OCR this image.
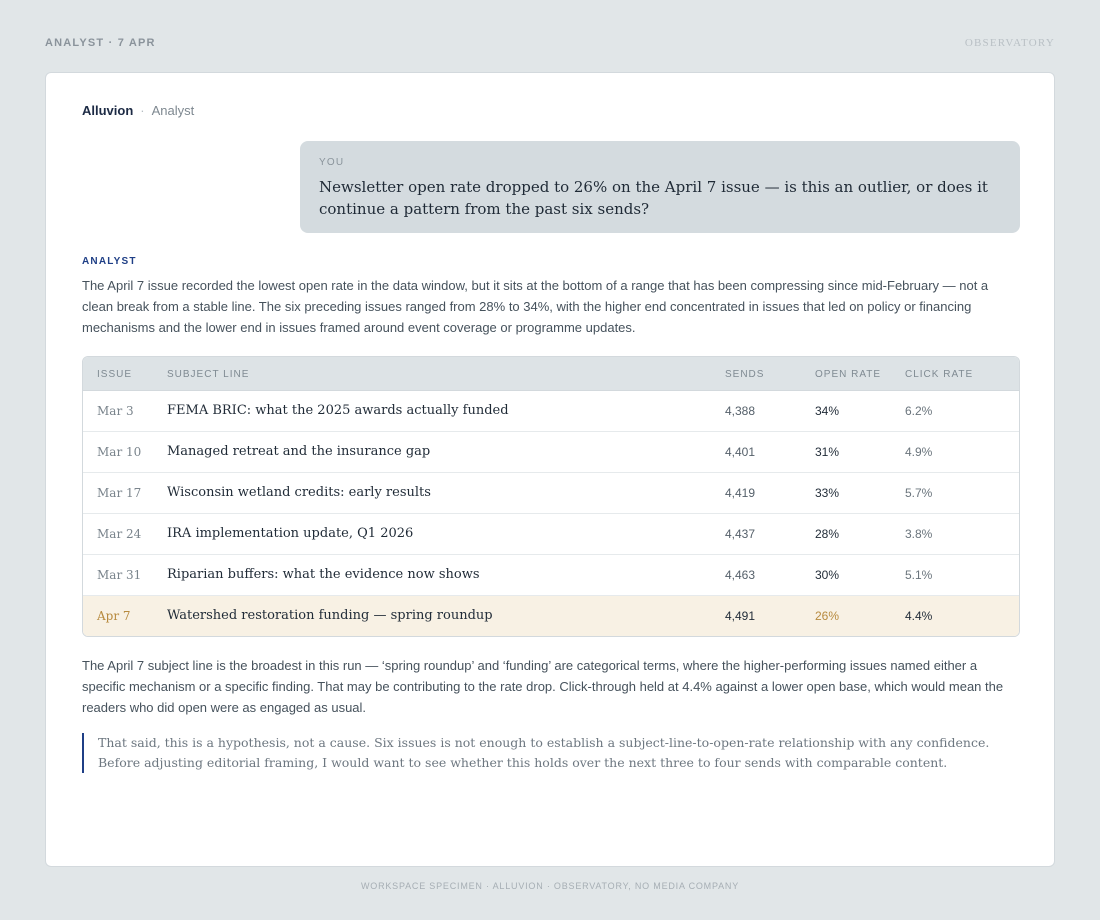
ANALYST · 7 APR	OBSERVATORY
Alluvion · Analyst
YOU
Newsletter open rate dropped to 26% on the April 7 issue — is this an outlier, or does it continue a pattern from the past six sends?
ANALYST
The April 7 issue recorded the lowest open rate in the data window, but it sits at the bottom of a range that has been compressing since mid-February — not a clean break from a stable line. The six preceding issues ranged from 28% to 34%, with the higher end concentrated in issues that led on policy or financing mechanisms and the lower end in issues framed around event coverage or programme updates.
ISSUE	SUBJECT LINE	SENDS	OPEN RATE CLICK RATE
Mar 3	FEMA BRIC: what the 2025 awards actually funded	4,388	34%	6.2%
Mar 10 Managed retreat and the insurance gap	4,401	31%	4.9%
Mar 17 Wisconsin wetland credits: early results	4,419	33%	5.7%
Mar 24 IRA implementation update, Q1 2026	4,437	28%	3.8%
Mar 31 Riparian buffers: what the evidence now shows	4,463	30%	5.1%
Apr 7	Watershed restoration funding — spring roundup	4,491	26%	4.4%
The April 7 subject line is the broadest in this run — ‘spring roundup’ and ‘funding’ are categorical terms, where the higher-performing issues named either a specific mechanism or a specific finding. That may be contributing to the rate drop. Click-through held at 4.4% against a lower open base, which would mean the readers who did open were as engaged as usual.
That said, this is a hypothesis, not a cause. Six issues is not enough to establish a subject-line-to-open-rate relationship with any confidence. Before adjusting editorial framing, I would want to see whether this holds over the next three to four sends with comparable content.
WORKSPACE SPECIMEN · ALLUVION · OBSERVATORY, NO MEDIA COMPANY
